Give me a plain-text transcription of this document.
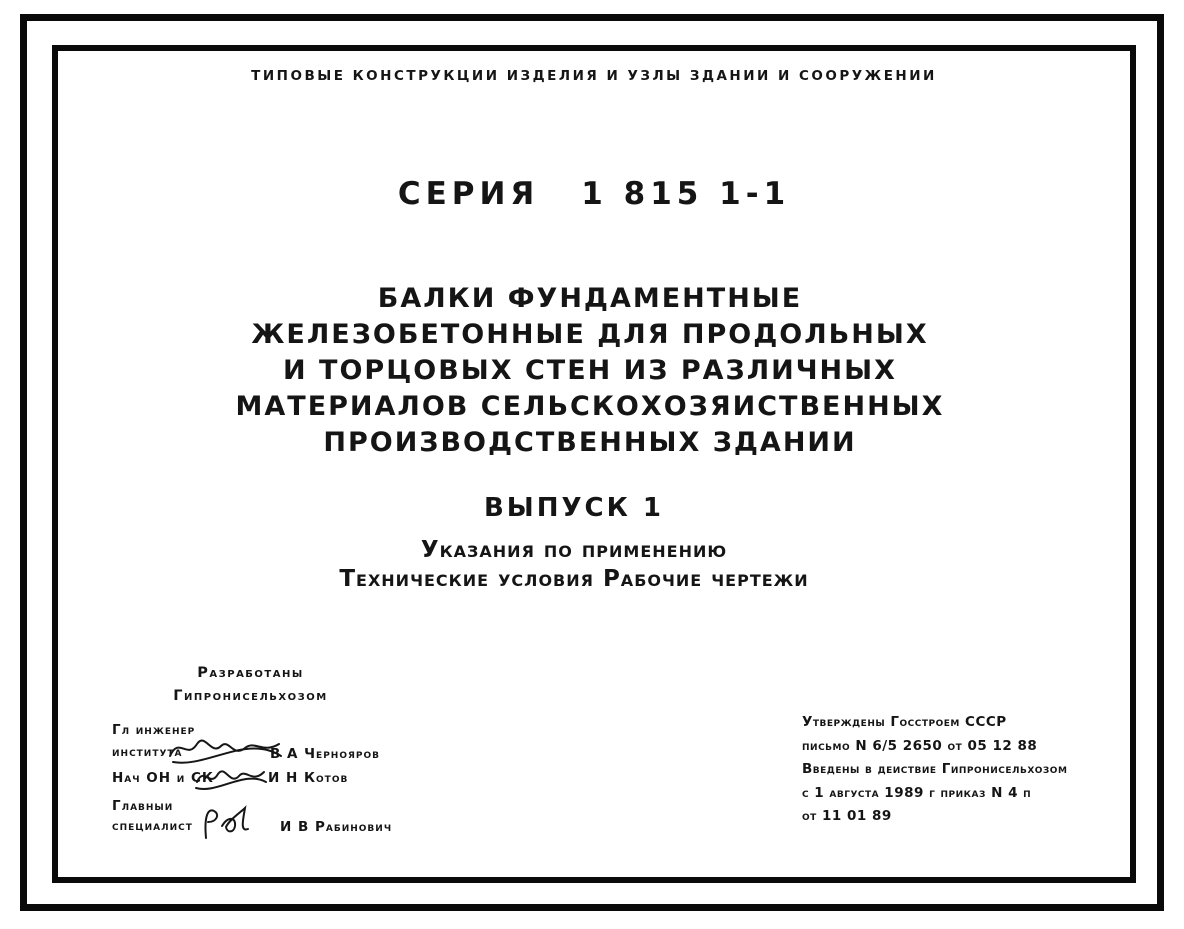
ТИПОВЫЕ КОНСТРУКЦИИ ИЗДЕЛИЯ И УЗЛЫ ЗДАНИИ И СООРУЖЕНИИ
СЕРИЯ 1 815 1-1
БАЛКИ ФУНДАМЕНТНЫЕ
ЖЕЛЕЗОБЕТОННЫЕ ДЛЯ ПРОДОЛЬНЫХ
И ТОРЦОВЫХ СТЕН ИЗ РАЗЛИЧНЫХ
МАТЕРИАЛОВ СЕЛЬСКОХОЗЯИСТВЕННЫХ
ПРОИЗВОДСТВЕННЫХ ЗДАНИИ
ВЫПУСК 1
Указания по применению
Технические условия Рабочие чертежи
Разработаны
Гипронисельхозом
Гл инженер
института	В А Чернояров
Нач ОН и СК	И Н Котов
Главныи
специалист	И В Рабинович
Утверждены Госстроем СССР
письмо N 6/5 2650 от 05 12 88
Введены в деиствие Гипронисельхозом
с 1 августа 1989 г приказ N 4 п
от 11 01 89
